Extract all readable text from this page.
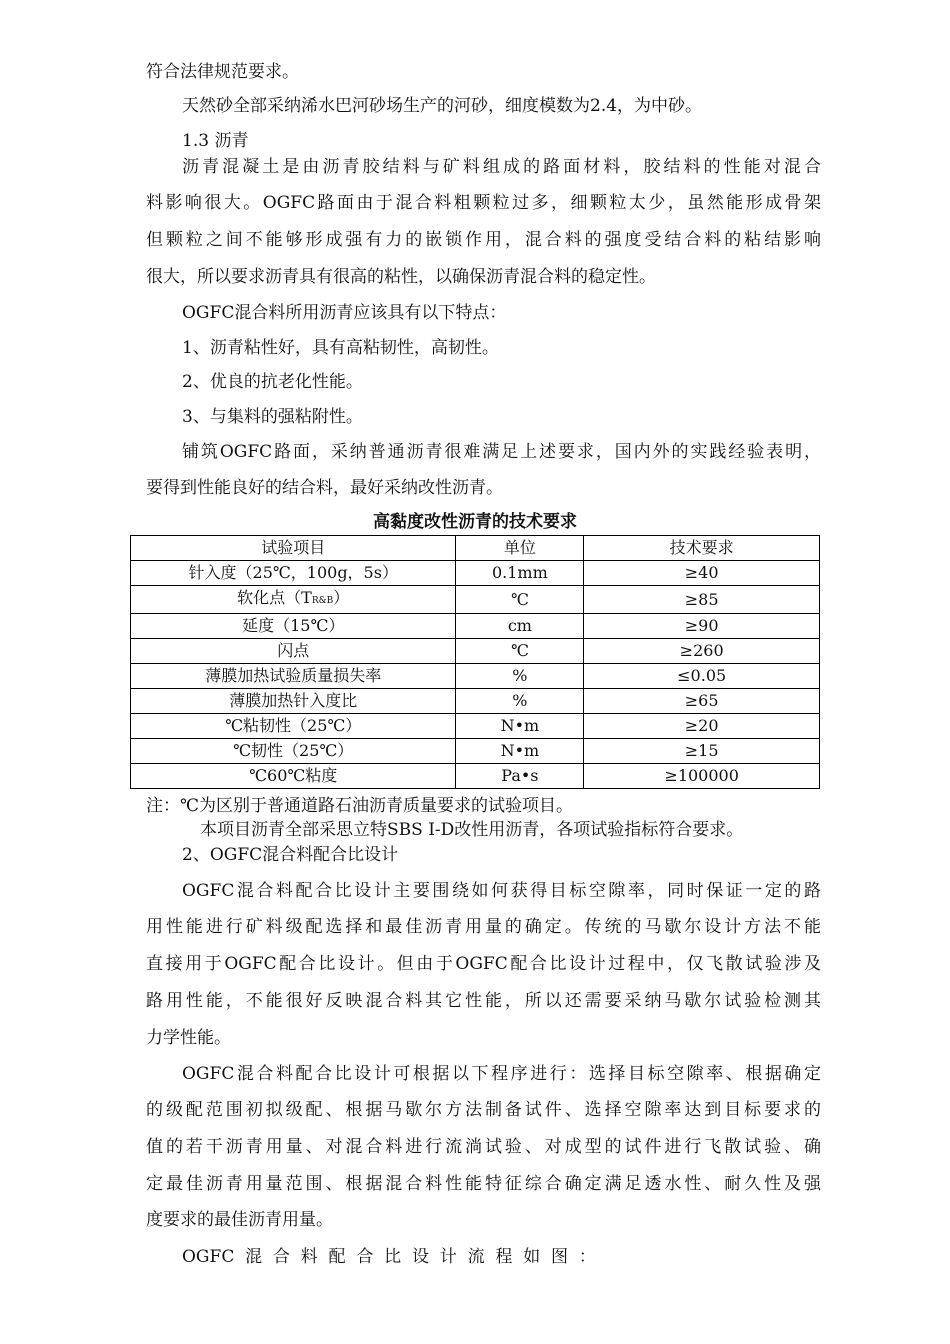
符合法律规范要求。
天然砂全部采纳浠水巴河砂场生产的河砂，细度模数为2.4，为中砂。
1.3 沥青
沥青混凝土是由沥青胶结料与矿料组成的路面材料，胶结料的性能对混合
料影响很大。OGFC路面由于混合料粗颗粒过多，细颗粒太少，虽然能形成骨架
但颗粒之间不能够形成强有力的嵌锁作用，混合料的强度受结合料的粘结影响
很大，所以要求沥青具有很高的粘性，以确保沥青混合料的稳定性。
OGFC混合料所用沥青应该具有以下特点：
1、沥青粘性好，具有高粘韧性，高韧性。
2、优良的抗老化性能。
3、与集料的强粘附性。
铺筑OGFC路面，采纳普通沥青很难满足上述要求，国内外的实践经验表明，
要得到性能良好的结合料，最好采纳改性沥青。
高黏度改性沥青的技术要求
试验项目	单位	技术要求
针入度（25℃，100g，5s）	0.1mm	≥40
软化点（TR&B）	℃	≥85
延度（15℃）	cm	≥90
闪点	℃	≥260
薄膜加热试验质量损失率	%	≤0.05
薄膜加热针入度比	%	≥65
℃粘韧性（25℃）	N•m	≥20
℃韧性（25℃）	N•m	≥15
℃60℃粘度	Pa•s	≥100000
注：℃为区别于普通道路石油沥青质量要求的试验项目。
本项目沥青全部采思立特SBS I-D改性用沥青，各项试验指标符合要求。
2、OGFC混合料配合比设计
OGFC混合料配合比设计主要围绕如何获得目标空隙率，同时保证一定的路
用性能进行矿料级配选择和最佳沥青用量的确定。传统的马歇尔设计方法不能
直接用于OGFC配合比设计。但由于OGFC配合比设计过程中，仅飞散试验涉及
路用性能，不能很好反映混合料其它性能，所以还需要采纳马歇尔试验检测其
力学性能。
OGFC混合料配合比设计可根据以下程序进行：选择目标空隙率、根据确定
的级配范围初拟级配、根据马歇尔方法制备试件、选择空隙率达到目标要求的
值的若干沥青用量、对混合料进行流淌试验、对成型的试件进行飞散试验、确
定最佳沥青用量范围、根据混合料性能特征综合确定满足透水性、耐久性及强
度要求的最佳沥青用量。
OGFC  混  合  料  配  合  比  设  计  流  程  如  图  ：
